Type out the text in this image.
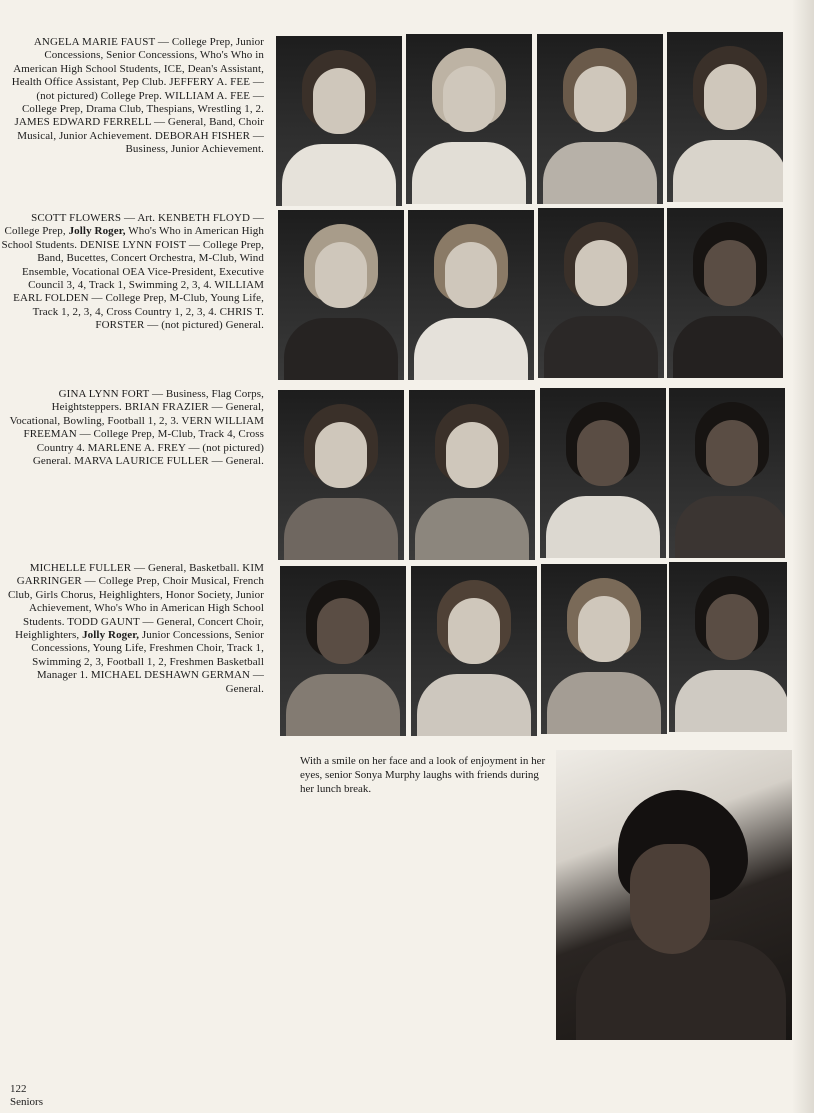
ANGELA MARIE FAUST — College Prep, Junior Concessions, Senior Concessions, Who's Who in American High School Students, ICE, Dean's Assistant, Health Office Assistant, Pep Club. JEFFERY A. FEE — (not pictured) College Prep. WILLIAM A. FEE — College Prep, Drama Club, Thespians, Wrestling 1, 2. JAMES EDWARD FERRELL — General, Band, Choir Musical, Junior Achievement. DEBORAH FISHER — Business, Junior Achievement.
SCOTT FLOWERS — Art. KENBETH FLOYD — College Prep, Jolly Roger, Who's Who in American High School Students. DENISE LYNN FOIST — College Prep, Band, Bucettes, Concert Orchestra, M-Club, Wind Ensemble, Vocational OEA Vice-President, Executive Council 3, 4, Track 1, Swimming 2, 3, 4. WILLIAM EARL FOLDEN — College Prep, M-Club, Young Life, Track 1, 2, 3, 4, Cross Country 1, 2, 3, 4. CHRIS T. FORSTER — (not pictured) General.
GINA LYNN FORT — Business, Flag Corps, Heightsteppers. BRIAN FRAZIER — General, Vocational, Bowling, Football 1, 2, 3. VERN WILLIAM FREEMAN — College Prep, M-Club, Track 4, Cross Country 4. MARLENE A. FREY — (not pictured) General. MARVA LAURICE FULLER — General.
MICHELLE FULLER — General, Basketball. KIM GARRINGER — College Prep, Choir Musical, French Club, Girls Chorus, Heighlighters, Honor Society, Junior Achievement, Who's Who in American High School Students. TODD GAUNT — General, Concert Choir, Heighlighters, Jolly Roger, Junior Concessions, Senior Concessions, Young Life, Freshmen Choir, Track 1, Swimming 2, 3, Football 1, 2, Freshmen Basketball Manager 1. MICHAEL DESHAWN GERMAN — General.
With a smile on her face and a look of enjoyment in her eyes, senior Sonya Murphy laughs with friends during her lunch break.
122
Seniors
